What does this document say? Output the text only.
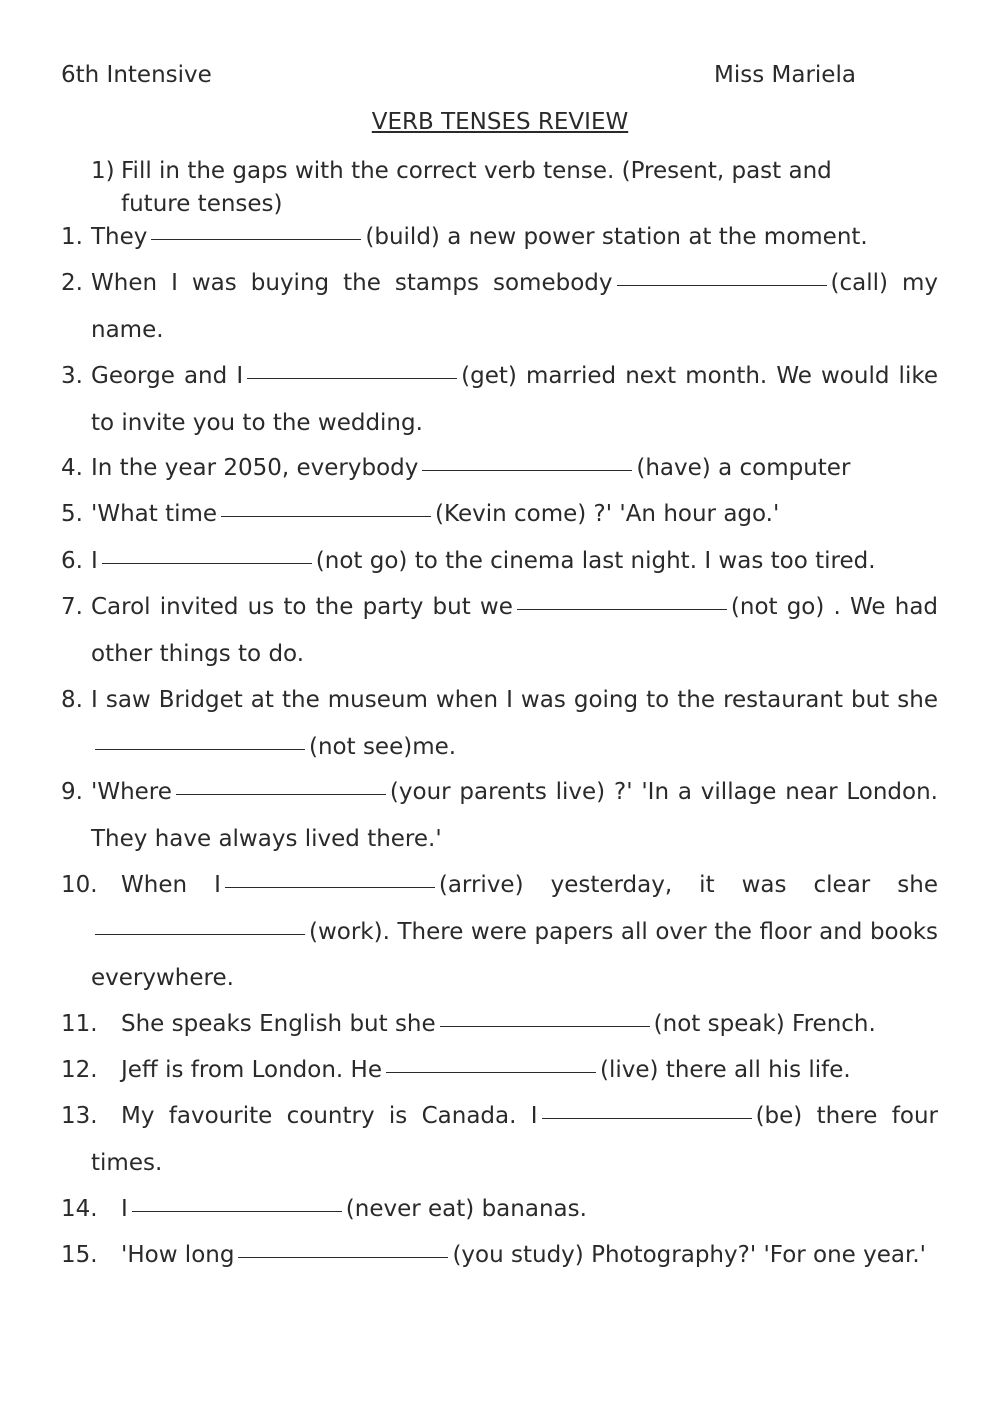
6th Intensive	Miss Mariela
VERB TENSES REVIEW
1) Fill in the gaps with the correct verb tense. (Present, past and future tenses)
1. They	(build) a new power station at the moment.
2. When I was buying the stamps somebody	(call) my name.
3. George and I	(get) married next month. We would like to invite you to the wedding.
4. In the year 2050, everybody	(have) a computer
5. 'What time	(Kevin come) ?' 'An hour ago.'
6. I	(not go) to the cinema last night. I was too tired.
7. Carol invited us to the party but we	(not go) . We had other things to do.
8. I saw Bridget at the museum when I was going to the restaurant but she(not see)me.
9. 'Where	(your parents live) ?' 'In a village near London. They have always lived there.'
10.	When I	(arrive) yesterday, it was clear she(work). There were papers all over the floor and books everywhere.
11.	She speaks English but she	(not speak) French.
12.	Jeff is from London. He	(live) there all his life.
13.	My favourite country is Canada. I	(be) there four times.
14.	I	(never eat) bananas.
15.	'How long	(you study) Photography?' 'For one year.'
